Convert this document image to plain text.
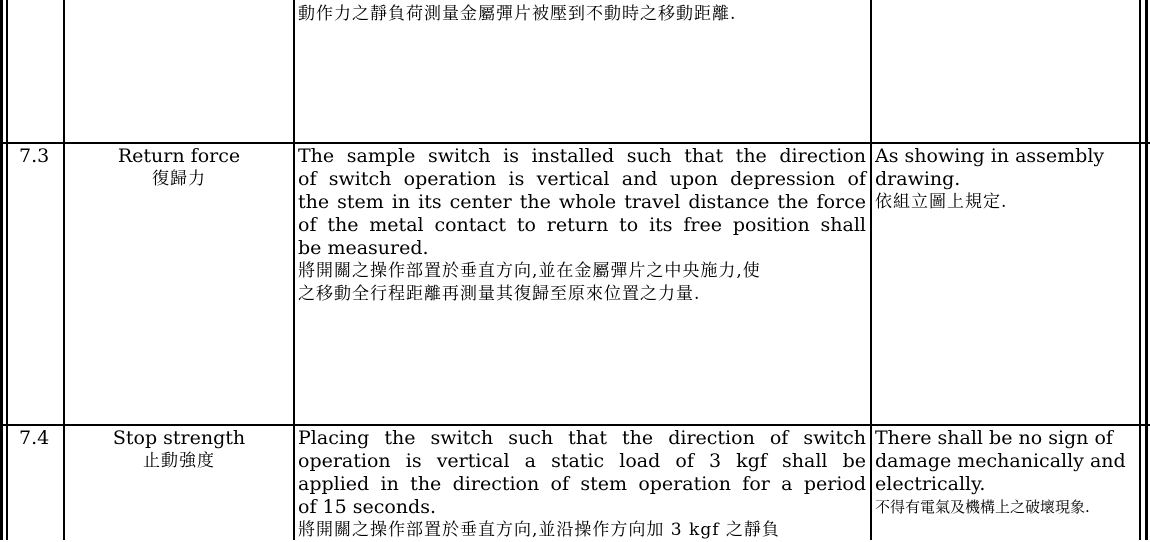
動作力之靜負荷測量金屬彈片被壓到不動時之移動距離.
7.3	Return force
復歸力
The sample switch is installed such that the direction
of switch operation is vertical and upon depression of
the stem in its center the whole travel distance the force
of the metal contact to return to its free position shall
be measured.
將開關之操作部置於垂直方向,並在金屬彈片之中央施力,使
之移動全行程距離再測量其復歸至原來位置之力量.
As showing in assembly
drawing.
依組立圖上規定.
7.4	Stop strength
止動強度
Placing the switch such that the direction of switch
operation is vertical a static load of 3 kgf shall be
applied in the direction of stem operation for a period
of 15 seconds.
將開關之操作部置於垂直方向,並沿操作方向加 3 kgf 之靜負
There shall be no sign of
damage mechanically and
electrically.
不得有電氣及機構上之破壞現象.
